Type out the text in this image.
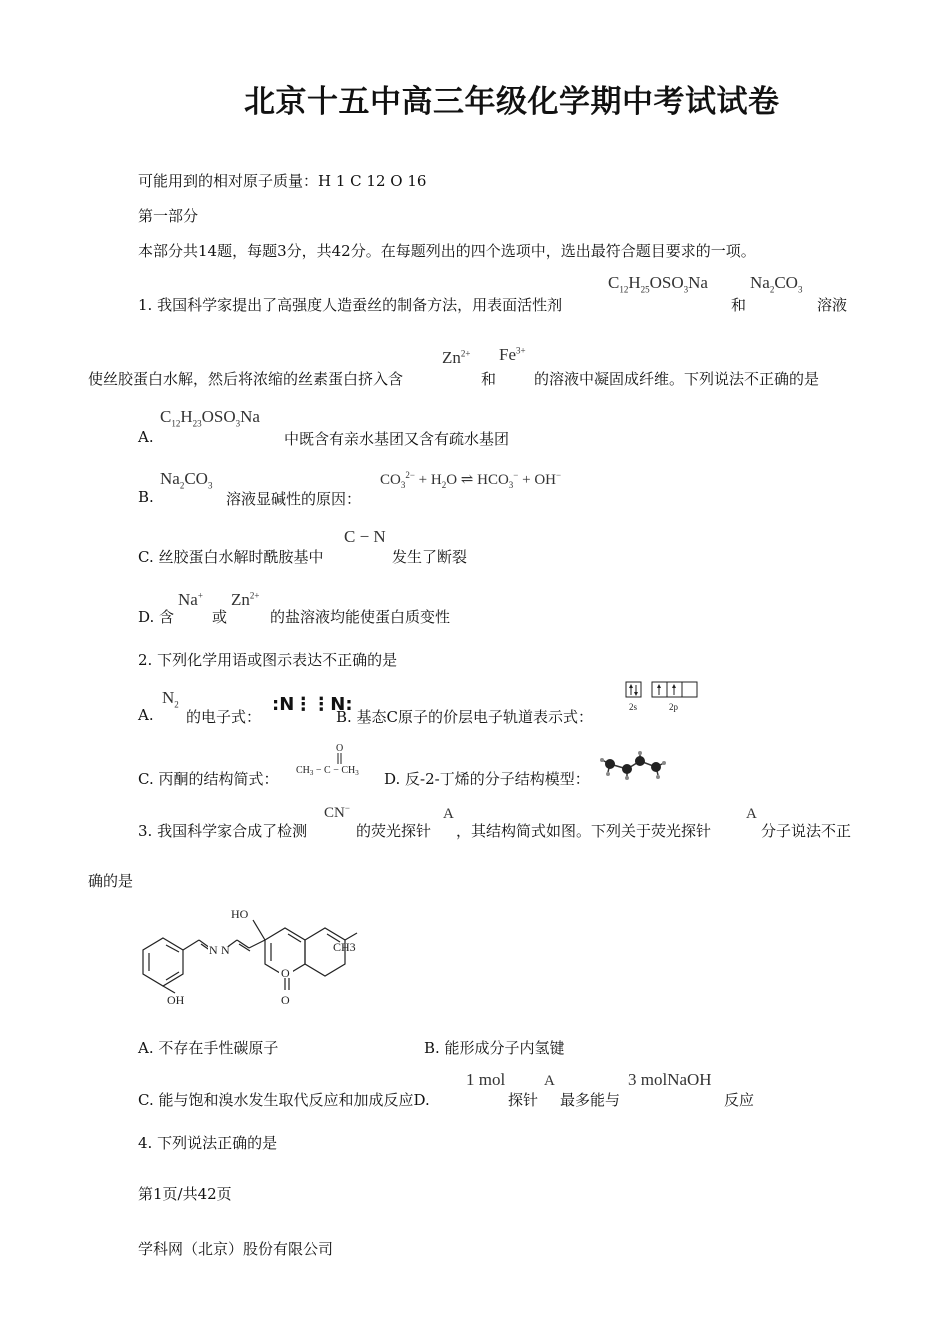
北京十五中高三年级化学期中考试试卷
可能用到的相对原子质量：H 1 C 12 O 16
第一部分
本部分共14题，每题3分，共42分。在每题列出的四个选项中，选出最符合题目要求的一项。
1. 我国科学家提出了高强度人造蚕丝的制备方法，用表面活性剂
$C_{12}H_{25}OSO_3Na$
和
$Na_2CO_3$
溶液
使丝胶蛋白水解，然后将浓缩的丝素蛋白挤入含
$Zn^{2+}$
和
$Fe^{3+}$
的溶液中凝固成纤维。下列说法不正确的是
A.
$C_{12}H_{23}OSO_3Na$
中既含有亲水基团又含有疏水基团
B.
$Na_2CO_3$
溶液显碱性的原因：
$CO_3^{2-} + H_2O$ ⇌ $HCO_3^- + OH^-$
C. 丝胶蛋白水解时酰胺基中
C − N
发生了断裂
D. 含
Na+
或
$Zn^{2+}$
的盐溶液均能使蛋白质变性
2. 下列化学用语或图示表达不正确的是
A.
$N_2$
的电子式：
:N⋮⋮N:
B. 基态C原子的价层电子轨道表示式：
2s	2p
C. 丙酮的结构简式：
O
$CH_3 - C - CH_3$ D. 反-2-丁烯的分子结构模型：
3. 我国科学家合成了检测
CN−
的荧光探针
A
，其结构简式如图。下列关于荧光探针
A
分子说法不正
确的是
HO
N N	CH3
OH
O
O
A. 不存在手性碳原子	B. 能形成分子内氢键
C. 能与饱和溴水发生取代反应和加成反应D.
1 mol
探针
A
最多能与
3 molNaOH
反应
4. 下列说法正确的是
第1页/共42页
学科网（北京）股份有限公司
